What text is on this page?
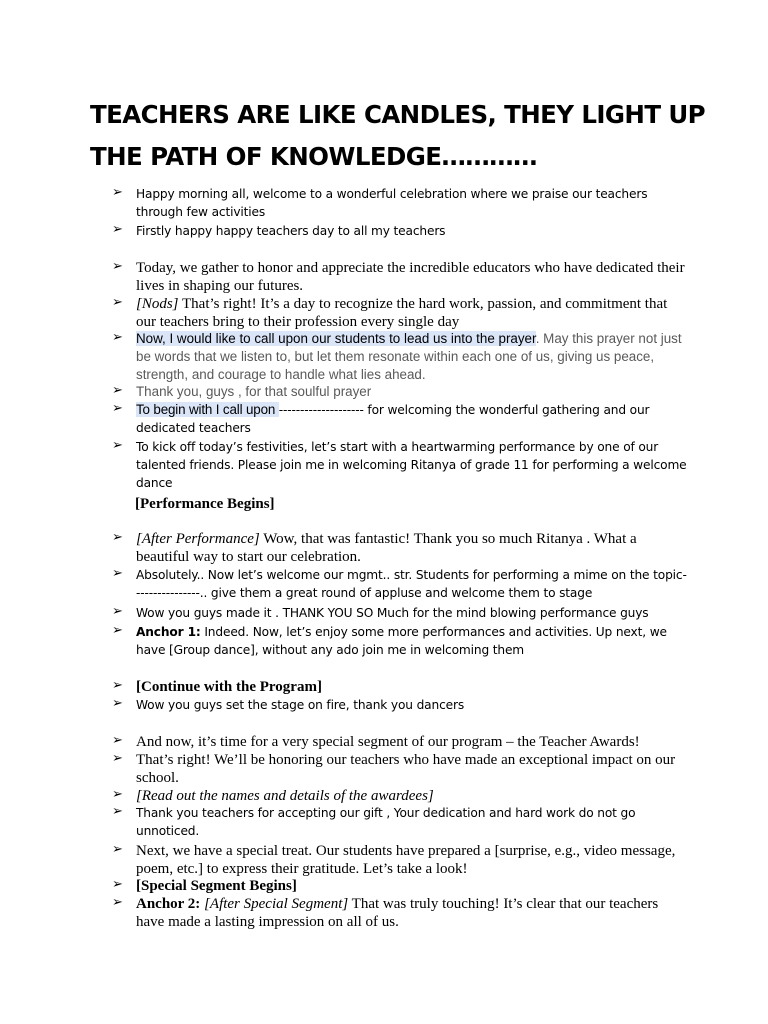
TEACHERS ARE LIKE CANDLES, THEY LIGHT UP
THE PATH OF KNOWLEDGE…………
➢ Happy morning all, welcome to a wonderful celebration where we praise our teachers through few activities
➢ Firstly happy happy teachers day to all my teachers
➢ Today, we gather to honor and appreciate the incredible educators who have dedicated their lives in shaping our futures.
➢ [Nods] That’s right! It’s a day to recognize the hard work, passion, and commitment that our teachers bring to their profession every single day
➢ Now, I would like to call upon our students to lead us into the prayer. May this prayer not just be words that we listen to, but let them resonate within each one of us, giving us peace, strength, and courage to handle what lies ahead.
➢ Thank you, guys , for that soulful prayer
➢ To begin with I call upon -------------------- for welcoming the wonderful gathering and our dedicated teachers
➢ To kick off today’s festivities, let’s start with a heartwarming performance by one of our talented friends. Please join me in welcoming Ritanya of grade 11 for performing a welcome dance
[Performance Begins]
➢ [After Performance] Wow, that was fantastic! Thank you so much Ritanya . What a beautiful way to start our celebration.
➢ Absolutely.. Now let’s welcome our mgmt.. str. Students for performing a mime on the topic----------------.. give them a great round of appluse and welcome them to stage
➢ Wow you guys made it . THANK YOU SO Much for the mind blowing performance guys
➢ Anchor 1: Indeed. Now, let’s enjoy some more performances and activities. Up next, we have [Group dance], without any ado join me in welcoming them
➢ [Continue with the Program]
➢ Wow you guys set the stage on fire, thank you dancers
➢ And now, it’s time for a very special segment of our program – the Teacher Awards!
➢ That’s right! We’ll be honoring our teachers who have made an exceptional impact on our school.
➢ [Read out the names and details of the awardees]
➢ Thank you teachers for accepting our gift , Your dedication and hard work do not go unnoticed.
➢ Next, we have a special treat. Our students have prepared a [surprise, e.g., video message, poem, etc.] to express their gratitude. Let’s take a look!
➢ [Special Segment Begins]
➢ Anchor 2: [After Special Segment] That was truly touching! It’s clear that our teachers have made a lasting impression on all of us.
